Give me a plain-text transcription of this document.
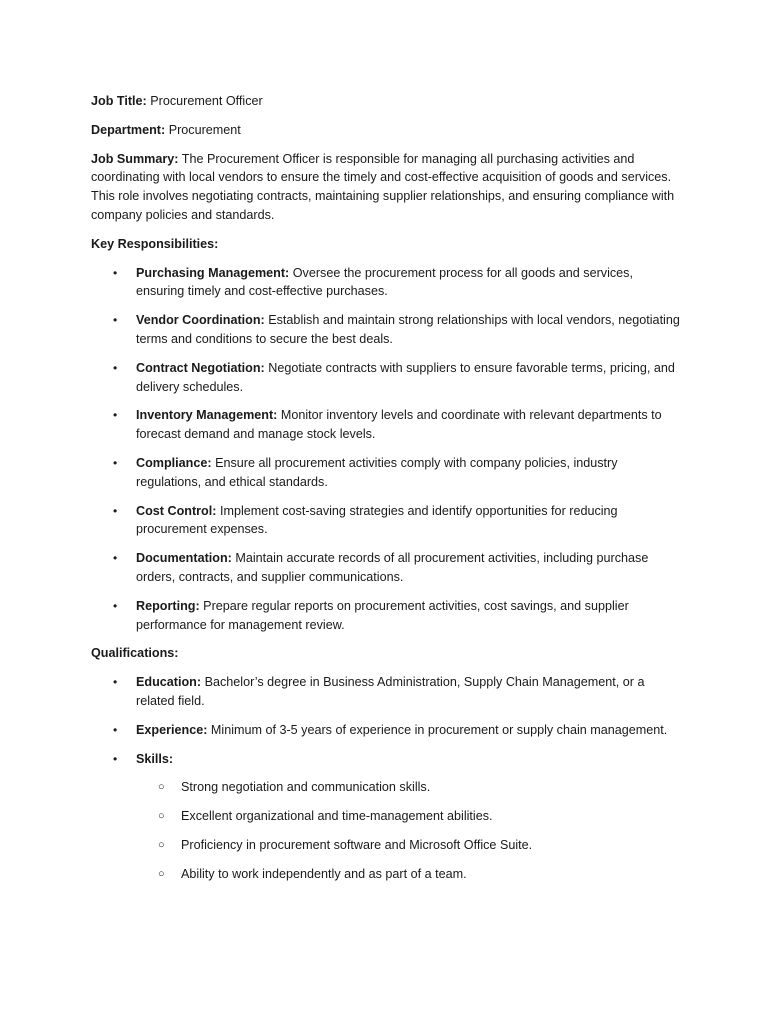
Job Title: Procurement Officer

Department: Procurement

Job Summary: The Procurement Officer is responsible for managing all purchasing activities and coordinating with local vendors to ensure the timely and cost-effective acquisition of goods and services. This role involves negotiating contracts, maintaining supplier relationships, and ensuring compliance with company policies and standards.

Key Responsibilities:

• Purchasing Management: Oversee the procurement process for all goods and services, ensuring timely and cost-effective purchases.
• Vendor Coordination: Establish and maintain strong relationships with local vendors, negotiating terms and conditions to secure the best deals.
• Contract Negotiation: Negotiate contracts with suppliers to ensure favorable terms, pricing, and delivery schedules.
• Inventory Management: Monitor inventory levels and coordinate with relevant departments to forecast demand and manage stock levels.
• Compliance: Ensure all procurement activities comply with company policies, industry regulations, and ethical standards.
• Cost Control: Implement cost-saving strategies and identify opportunities for reducing procurement expenses.
• Documentation: Maintain accurate records of all procurement activities, including purchase orders, contracts, and supplier communications.
• Reporting: Prepare regular reports on procurement activities, cost savings, and supplier performance for management review.

Qualifications:

• Education: Bachelor’s degree in Business Administration, Supply Chain Management, or a related field.
• Experience: Minimum of 3-5 years of experience in procurement or supply chain management.
• Skills:
○ Strong negotiation and communication skills.
○ Excellent organizational and time-management abilities.
○ Proficiency in procurement software and Microsoft Office Suite.
○ Ability to work independently and as part of a team.
